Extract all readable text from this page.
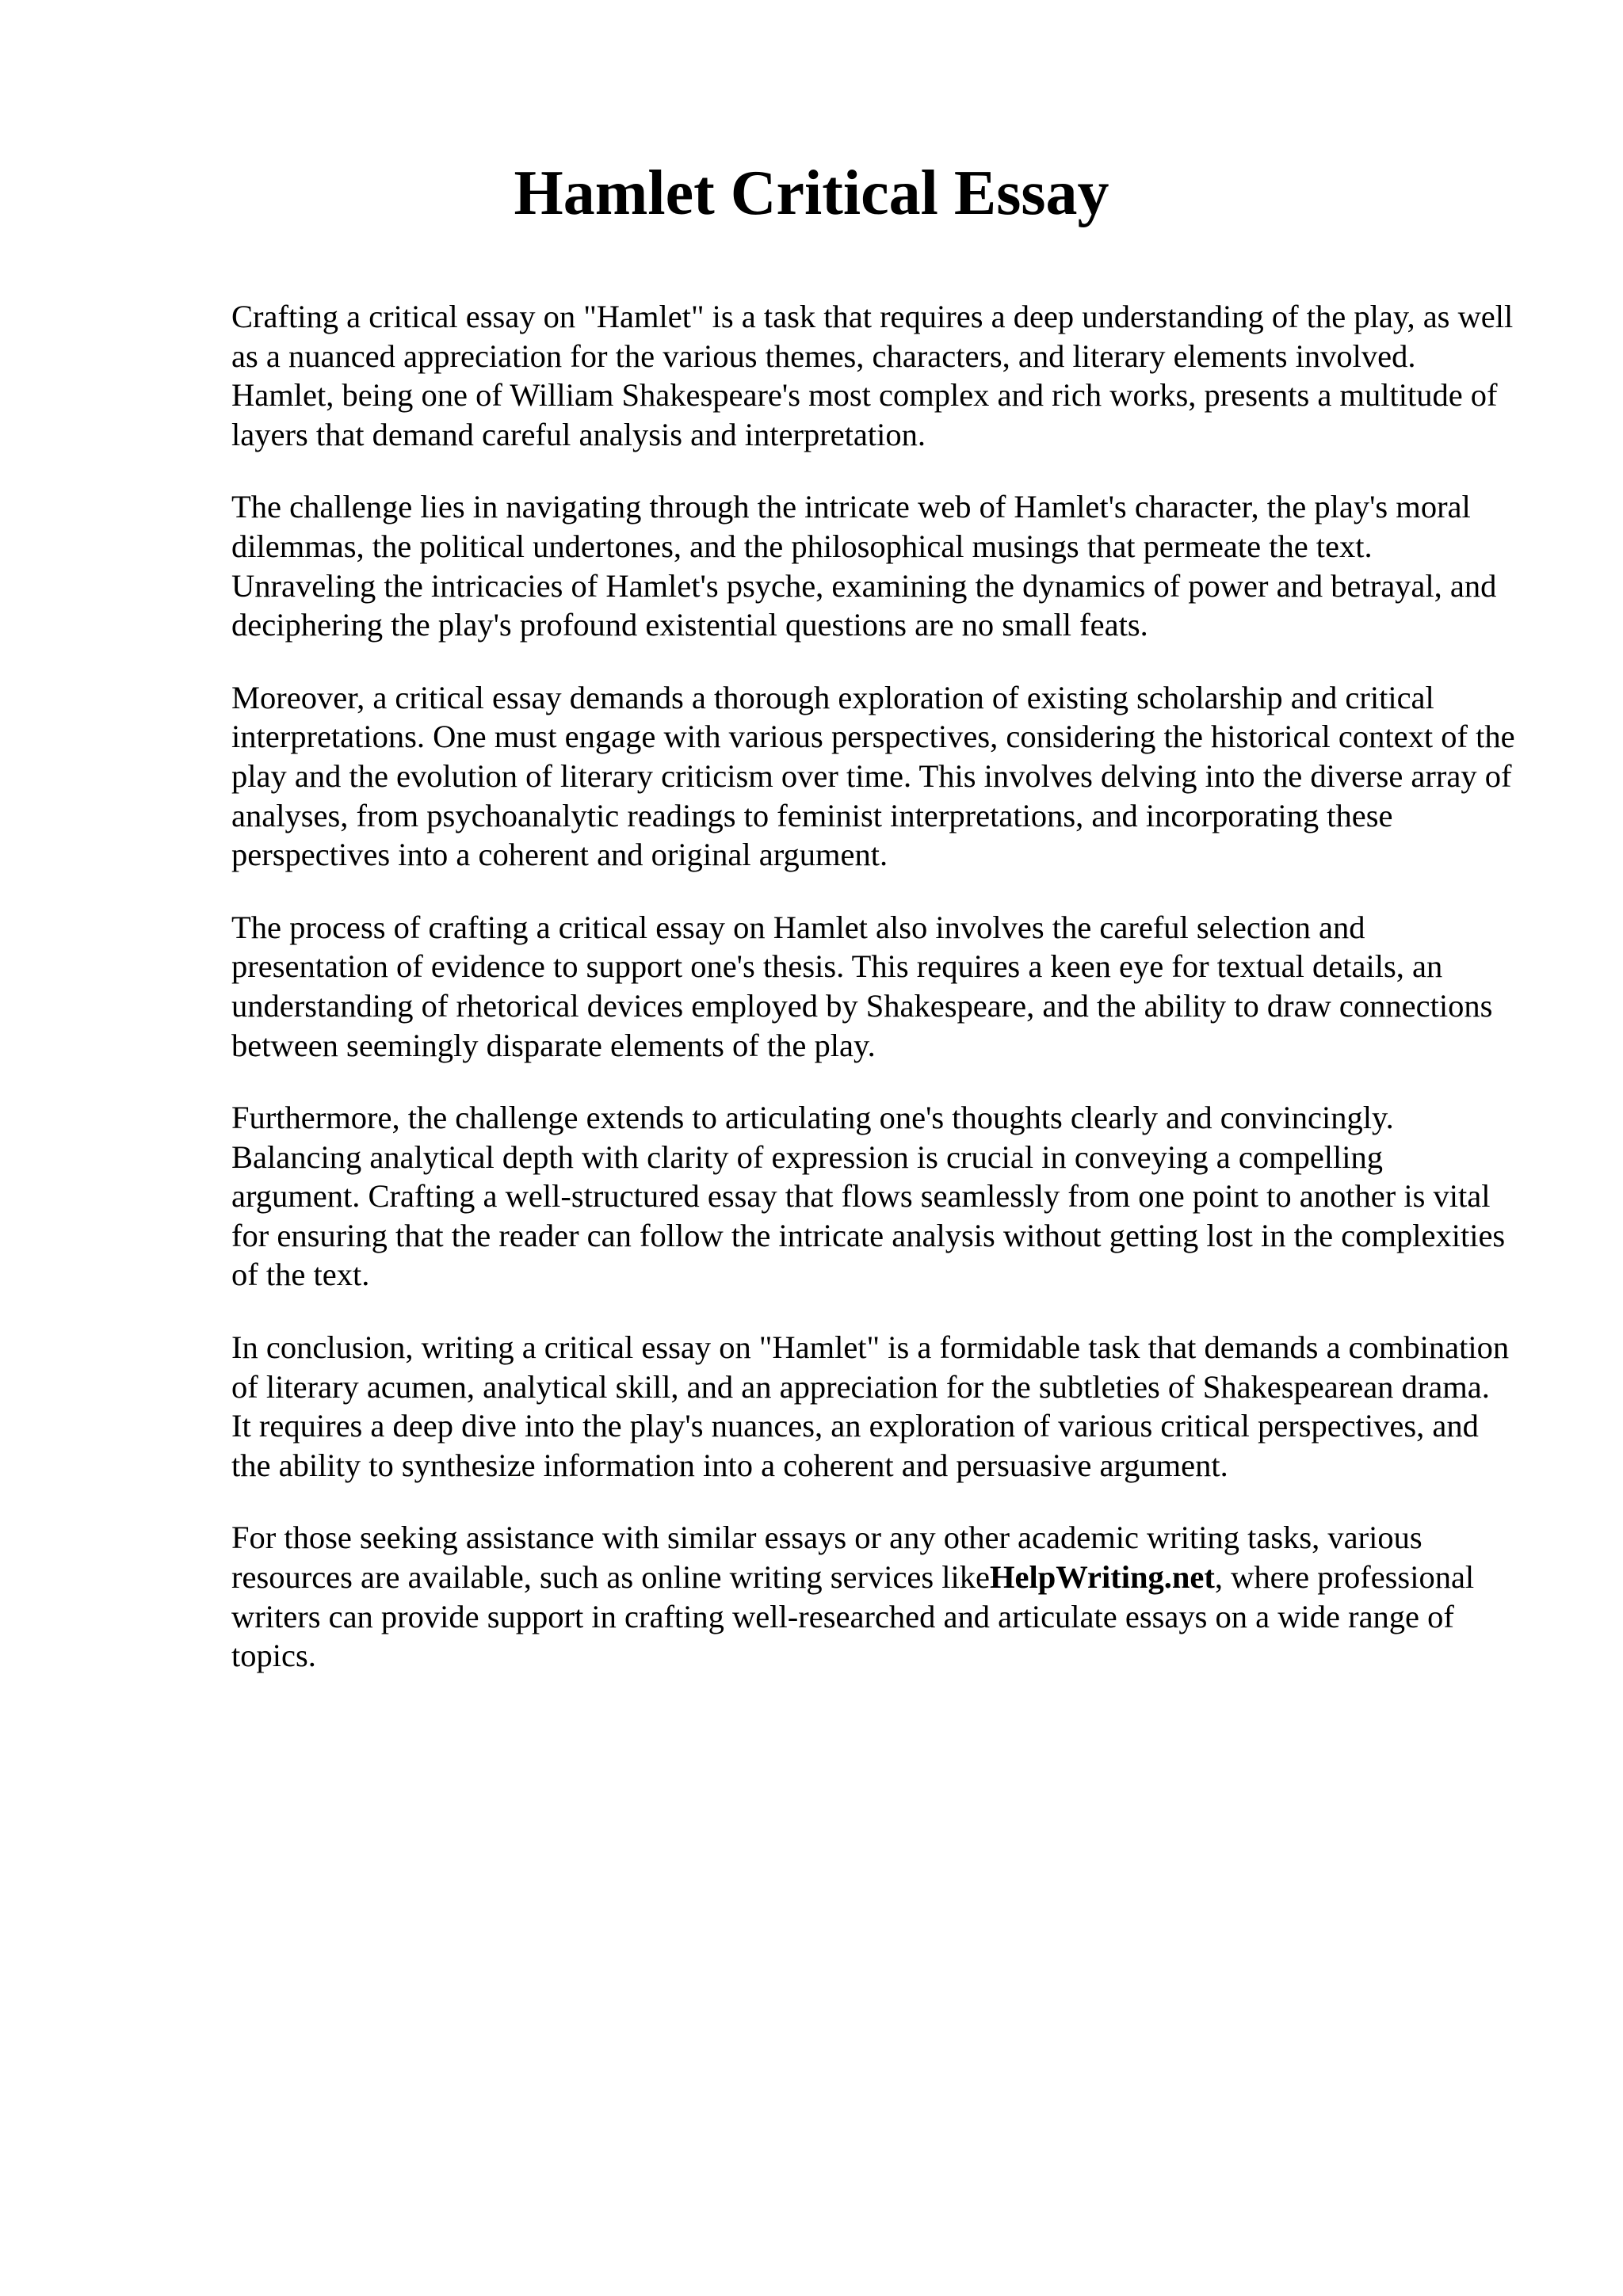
Hamlet Critical Essay

Crafting a critical essay on "Hamlet" is a task that requires a deep understanding of the play, as well as a nuanced appreciation for the various themes, characters, and literary elements involved. Hamlet, being one of William Shakespeare's most complex and rich works, presents a multitude of layers that demand careful analysis and interpretation.

The challenge lies in navigating through the intricate web of Hamlet's character, the play's moral dilemmas, the political undertones, and the philosophical musings that permeate the text. Unraveling the intricacies of Hamlet's psyche, examining the dynamics of power and betrayal, and deciphering the play's profound existential questions are no small feats.

Moreover, a critical essay demands a thorough exploration of existing scholarship and critical interpretations. One must engage with various perspectives, considering the historical context of the play and the evolution of literary criticism over time. This involves delving into the diverse array of analyses, from psychoanalytic readings to feminist interpretations, and incorporating these perspectives into a coherent and original argument.

The process of crafting a critical essay on Hamlet also involves the careful selection and presentation of evidence to support one's thesis. This requires a keen eye for textual details, an understanding of rhetorical devices employed by Shakespeare, and the ability to draw connections between seemingly disparate elements of the play.

Furthermore, the challenge extends to articulating one's thoughts clearly and convincingly. Balancing analytical depth with clarity of expression is crucial in conveying a compelling argument. Crafting a well-structured essay that flows seamlessly from one point to another is vital for ensuring that the reader can follow the intricate analysis without getting lost in the complexities of the text.

In conclusion, writing a critical essay on "Hamlet" is a formidable task that demands a combination of literary acumen, analytical skill, and an appreciation for the subtleties of Shakespearean drama. It requires a deep dive into the play's nuances, an exploration of various critical perspectives, and the ability to synthesize information into a coherent and persuasive argument.

For those seeking assistance with similar essays or any other academic writing tasks, various resources are available, such as online writing services likeHelpWriting.net, where professional writers can provide support in crafting well-researched and articulate essays on a wide range of topics.
